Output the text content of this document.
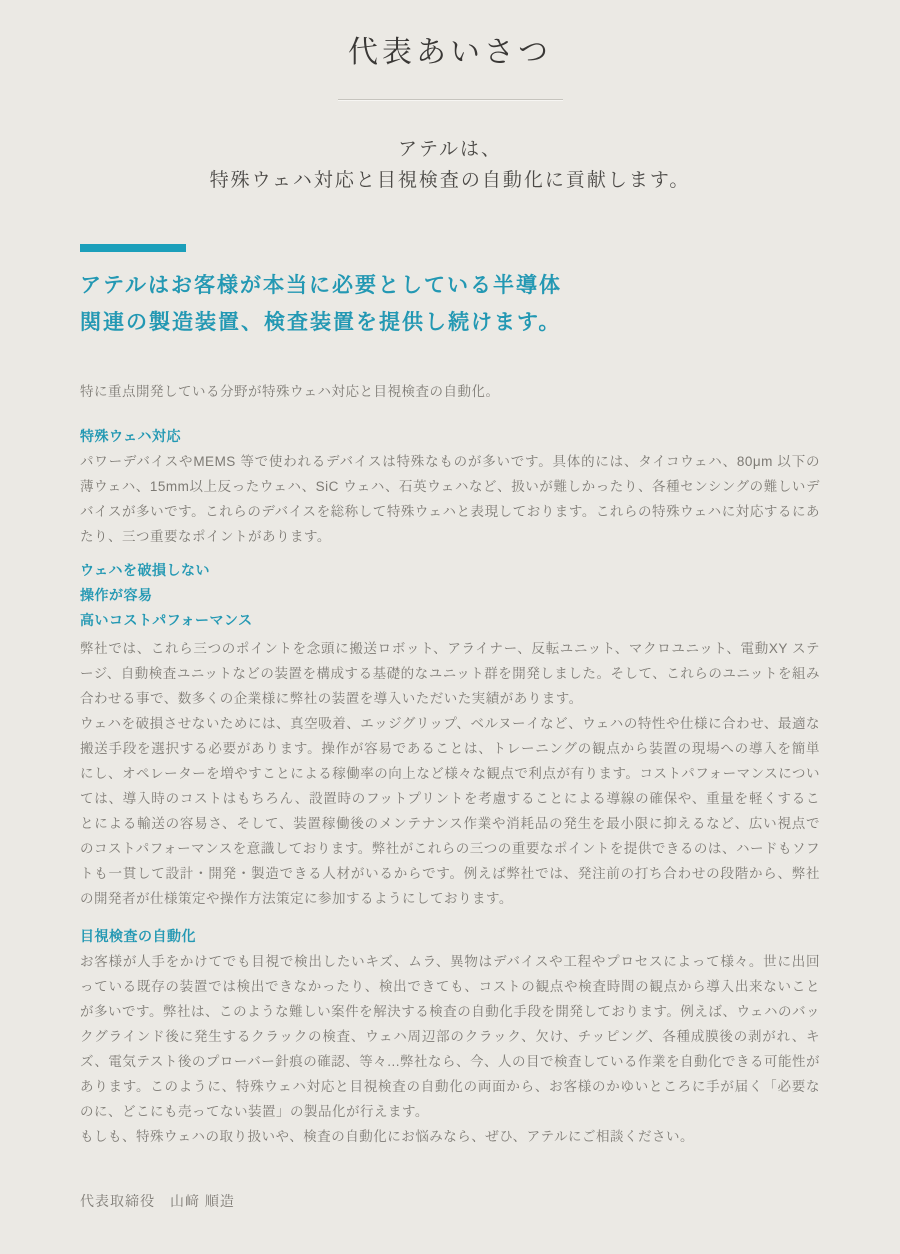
代表あいさつ
アテルは、
特殊ウェハ対応と目視検査の自動化に貢献します。
アテルはお客様が本当に必要としている半導体
関連の製造装置、検査装置を提供し続けます。

特に重点開発している分野が特殊ウェハ対応と目視検査の自動化。

特殊ウェハ対応

パワーデバイスやMEMS 等で使われるデバイスは特殊なものが多いです。具体的には、タイコウェハ、80μm 以下の薄ウェハ、15mm以上反ったウェハ、SiC ウェハ、石英ウェハなど、扱いが難しかったり、各種センシングの難しいデバイスが多いです。これらのデバイスを総称して特殊ウェハと表現しております。これらの特殊ウェハに対応するにあたり、三つ重要なポイントがあります。

ウェハを破損しない
操作が容易
高いコストパフォーマンス

弊社では、これら三つのポイントを念頭に搬送ロボット、アライナー、反転ユニット、マクロユニット、電動XY ステージ、自動検査ユニットなどの装置を構成する基礎的なユニット群を開発しました。そして、これらのユニットを組み合わせる事で、数多くの企業様に弊社の装置を導入いただいた実績があります。

ウェハを破損させないためには、真空吸着、エッジグリップ、ベルヌーイなど、ウェハの特性や仕様に合わせ、最適な搬送手段を選択する必要があります。操作が容易であることは、トレーニングの観点から装置の現場への導入を簡単にし、オペレーターを増やすことによる稼働率の向上など様々な観点で利点が有ります。コストパフォーマンスについては、導入時のコストはもちろん、設置時のフットプリントを考慮することによる導線の確保や、重量を軽くすることによる輸送の容易さ、そして、装置稼働後のメンテナンス作業や消耗品の発生を最小限に抑えるなど、広い視点でのコストパフォーマンスを意識しております。弊社がこれらの三つの重要なポイントを提供できるのは、ハードもソフトも一貫して設計・開発・製造できる人材がいるからです。例えば弊社では、発注前の打ち合わせの段階から、弊社の開発者が仕様策定や操作方法策定に参加するようにしております。

目視検査の自動化

お客様が人手をかけてでも目視で検出したいキズ、ムラ、異物はデバイスや工程やプロセスによって様々。世に出回っている既存の装置では検出できなかったり、検出できても、コストの観点や検査時間の観点から導入出来ないことが多いです。弊社は、このような難しい案件を解決する検査の自動化手段を開発しております。例えば、ウェハのバックグラインド後に発生するクラックの検査、ウェハ周辺部のクラック、欠け、チッピング、各種成膜後の剥がれ、キズ、電気テスト後のプローバー針痕の確認、等々...弊社なら、今、人の目で検査している作業を自動化できる可能性があります。このように、特殊ウェハ対応と目視検査の自動化の両面から、お客様のかゆいところに手が届く「必要なのに、どこにも売ってない装置」の製品化が行えます。

もしも、特殊ウェハの取り扱いや、検査の自動化にお悩みなら、ぜひ、アテルにご相談ください。

代表取締役　山﨑 順造
